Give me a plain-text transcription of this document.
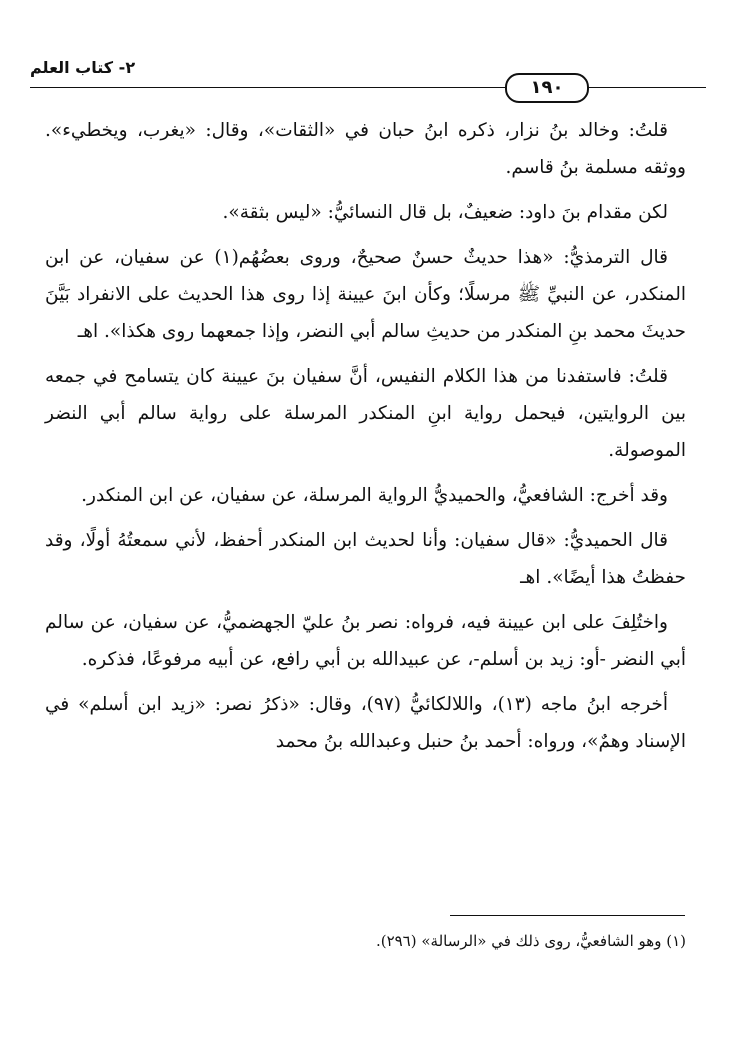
٢- كتاب العلم
١٩٠

قلتُ: وخالد بنُ نزار، ذكره ابنُ حبان في «الثقات»، وقال: «يغرب، ويخطيء». ووثقه مسلمة بنُ قاسم.

لكن مقدام بنَ داود: ضعيفٌ، بل قال النسائيُّ: «ليس بثقة».

قال الترمذيُّ: «هذا حديثٌ حسنٌ صحيحٌ، وروى بعضُهُم(١) عن سفيان، عن ابن المنكدر، عن النبيِّ ﷺ مرسلًا؛ وكأن ابنَ عيينة إذا روى هذا الحديث على الانفراد بَيَّنَ حديثَ محمد بنِ المنكدر من حديثِ سالم أبي النضر، وإذا جمعهما روى هكذا». اهـ

قلتُ: فاستفدنا من هذا الكلام النفيس، أنَّ سفيان بنَ عيينة كان يتسامح في جمعه بين الروايتين، فيحمل رواية ابنِ المنكدر المرسلة على رواية سالم أبي النضر الموصولة.

وقد أخرج: الشافعيُّ، والحميديُّ الرواية المرسلة، عن سفيان، عن ابن المنكدر.

قال الحميديُّ: «قال سفيان: وأنا لحديث ابن المنكدر أحفظ، لأني سمعتُهُ أولًا، وقد حفظتُ هذا أيضًا». اهـ

واختُلِفَ على ابن عيينة فيه، فرواه: نصر بنُ عليّ الجهضميُّ، عن سفيان، عن سالم أبي النضر -أو: زيد بن أسلم-، عن عبيدالله بن أبي رافع، عن أبيه مرفوعًا، فذكره.

أخرجه ابنُ ماجه (١٣)، واللالكائيُّ (٩٧)، وقال: «ذكرُ نصر: «زيد ابن أسلم» في الإسناد وهمٌ»، ورواه: أحمد بنُ حنبل وعبدالله بنُ محمد

(١) وهو الشافعيُّ، روى ذلك في «الرسالة» (٢٩٦).
